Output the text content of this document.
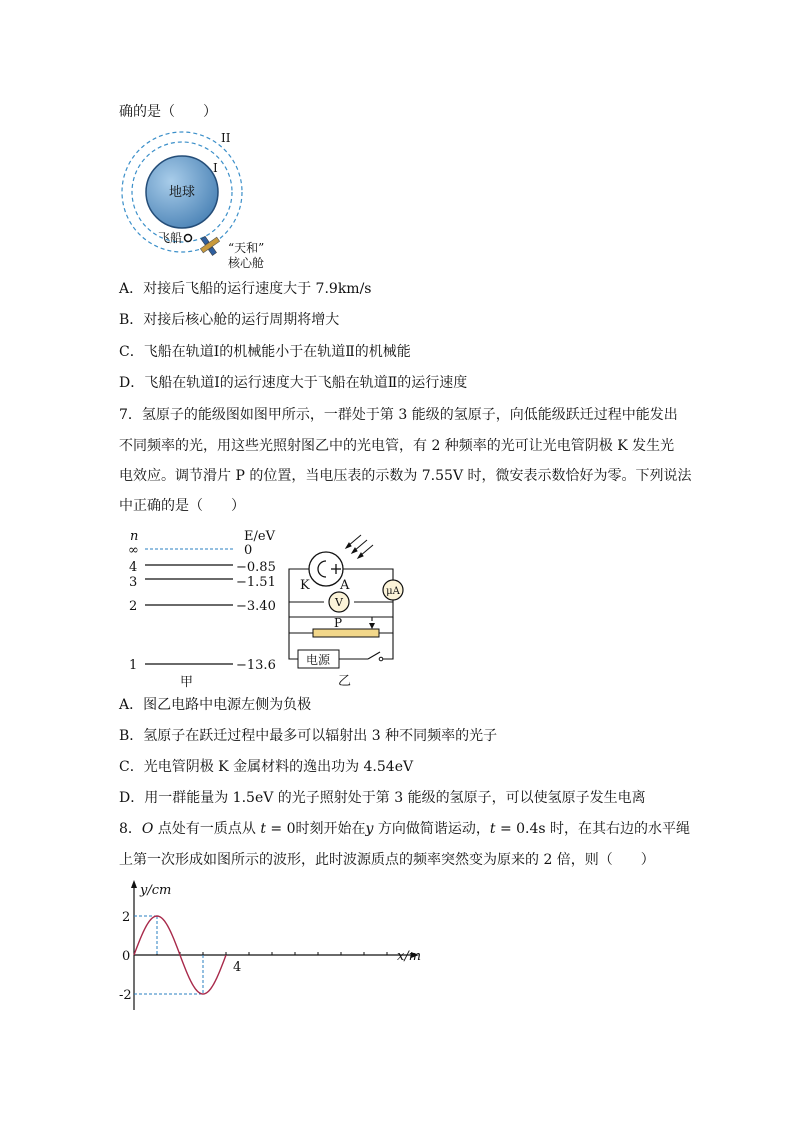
确的是（　　）
地球
II
I
飞船
“天和”
核心舱
A．对接后飞船的运行速度大于 7.9km/s
B．对接后核心舱的运行周期将增大
C．飞船在轨道Ⅰ的机械能小于在轨道Ⅱ的机械能
D．飞船在轨道Ⅰ的运行速度大于飞船在轨道Ⅱ的运行速度
7．氢原子的能级图如图甲所示，一群处于第 3 能级的氢原子，向低能级跃迁过程中能发出
不同频率的光，用这些光照射图乙中的光电管，有 2 种频率的光可让光电管阴极 K 发生光
电效应。调节滑片 P 的位置，当电压表的示数为 7.55V 时，微安表示数恰好为零。下列说法
中正确的是（　　）
n	E/eV
∞	0
4	−0.85
3	−1.51
2	−3.40
1	−13.6
甲
K A	μA
V
P
电源
乙
A．图乙电路中电源左侧为负极
B．氢原子在跃迁过程中最多可以辐射出 3 种不同频率的光子
C．光电管阴极 K 金属材料的逸出功为 4.54eV
D．用一群能量为 1.5eV 的光子照射处于第 3 能级的氢原子，可以使氢原子发生电离
8．O 点处有一质点从 t = 0时刻开始在y 方向做简谐运动，t = 0.4s 时，在其右边的水平绳
上第一次形成如图所示的波形，此时波源质点的频率突然变为原来的 2 倍，则（　　）
y/cm
x/m
2
0
-2
4
